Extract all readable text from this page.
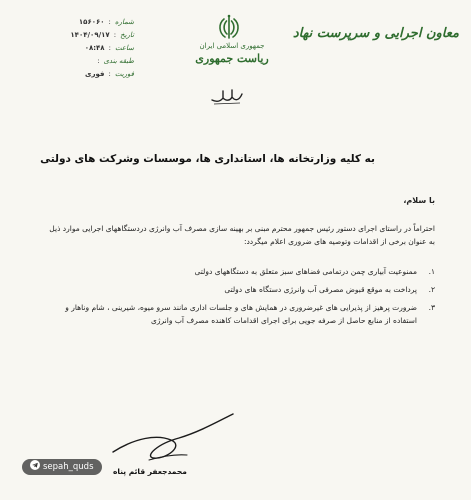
معاون اجرایی و سرپرست نهاد
جمهوری اسلامی ایران
ریاست جمهوری
شماره
:
۱۵۶۰۶۰
تاریخ
:
۱۴۰۴/۰۹/۱۷
ساعت
:
۰۸:۴۸
طبقه بندی
:
فوریت
:
فوری
به کلیه وزارتخانه ها، استانداری ها، موسسات وشرکت های دولتی
با سلام،
احتراماً در راستای اجرای دستور رئیس جمهور محترم مبنی بر بهینه سازی مصرف آب وانرژی دردستگاههای اجرایی موارد ذیل به عنوان برخی از اقدامات وتوصیه های ضروری اعلام میگردد:
۱.
ممنوعیت آبیاری چمن درتمامی فضاهای سبز متعلق به دستگاههای دولتی
۲.
پرداخت به موقع قبوض مصرفی آب وانرژی دستگاه های دولتی
۳.
ضرورت پرهیز از پذیرایی های غیرضروری در همایش های و جلسات اداری مانند سرو میوه، شیرینی ، شام وناهار و استفاده از منابع حاصل از صرفه جویی برای اجرای اقدامات کاهنده مصرف آب وانرژی
محمدجعفر قائم پناه
sepah_quds
